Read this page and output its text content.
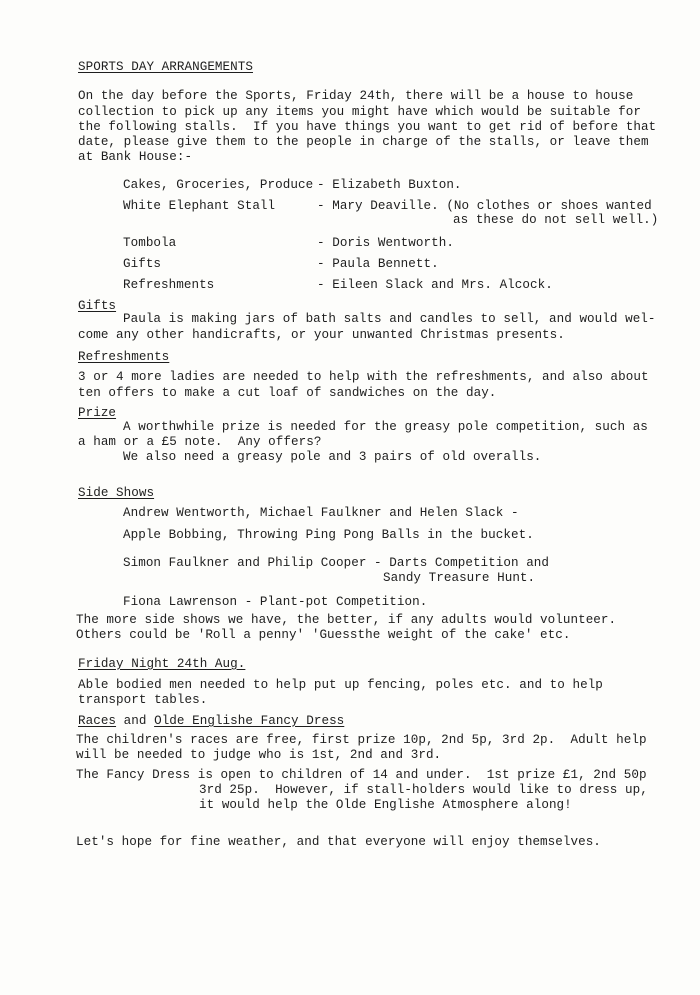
SPORTS DAY ARRANGEMENTS
On the day before the Sports, Friday 24th, there will be a house to house
collection to pick up any items you might have which would be suitable for
the following stalls.  If you have things you want to get rid of before that
date, please give them to the people in charge of the stalls, or leave them
at Bank House:-
Cakes, Groceries, Produce - Elizabeth Buxton.
White Elephant Stall	- Mary Deaville. (No clothes or shoes wanted
as these do not sell well.)
Tombola	- Doris Wentworth.
Gifts	- Paula Bennett.
Refreshments	- Eileen Slack and Mrs. Alcock.
Gifts
Paula is making jars of bath salts and candles to sell, and would wel-
come any other handicrafts, or your unwanted Christmas presents.
Refreshments
3 or 4 more ladies are needed to help with the refreshments, and also about
ten offers to make a cut loaf of sandwiches on the day.
Prize
A worthwhile prize is needed for the greasy pole competition, such as
a ham or a £5 note.  Any offers?
We also need a greasy pole and 3 pairs of old overalls.
Side Shows
Andrew Wentworth, Michael Faulkner and Helen Slack -
Apple Bobbing, Throwing Ping Pong Balls in the bucket.
Simon Faulkner and Philip Cooper - Darts Competition and
Sandy Treasure Hunt.
Fiona Lawrenson - Plant-pot Competition.
The more side shows we have, the better, if any adults would volunteer.
Others could be 'Roll a penny' 'Guessthe weight of the cake' etc.
Friday Night 24th Aug.
Able bodied men needed to help put up fencing, poles etc. and to help
transport tables.
Races and Olde Englishe Fancy Dress
The children's races are free, first prize 10p, 2nd 5p, 3rd 2p.  Adult help
will be needed to judge who is 1st, 2nd and 3rd.
The Fancy Dress is open to children of 14 and under.  1st prize £1, 2nd 50p
3rd 25p.  However, if stall-holders would like to dress up,
it would help the Olde Englishe Atmosphere along!
Let's hope for fine weather, and that everyone will enjoy themselves.
